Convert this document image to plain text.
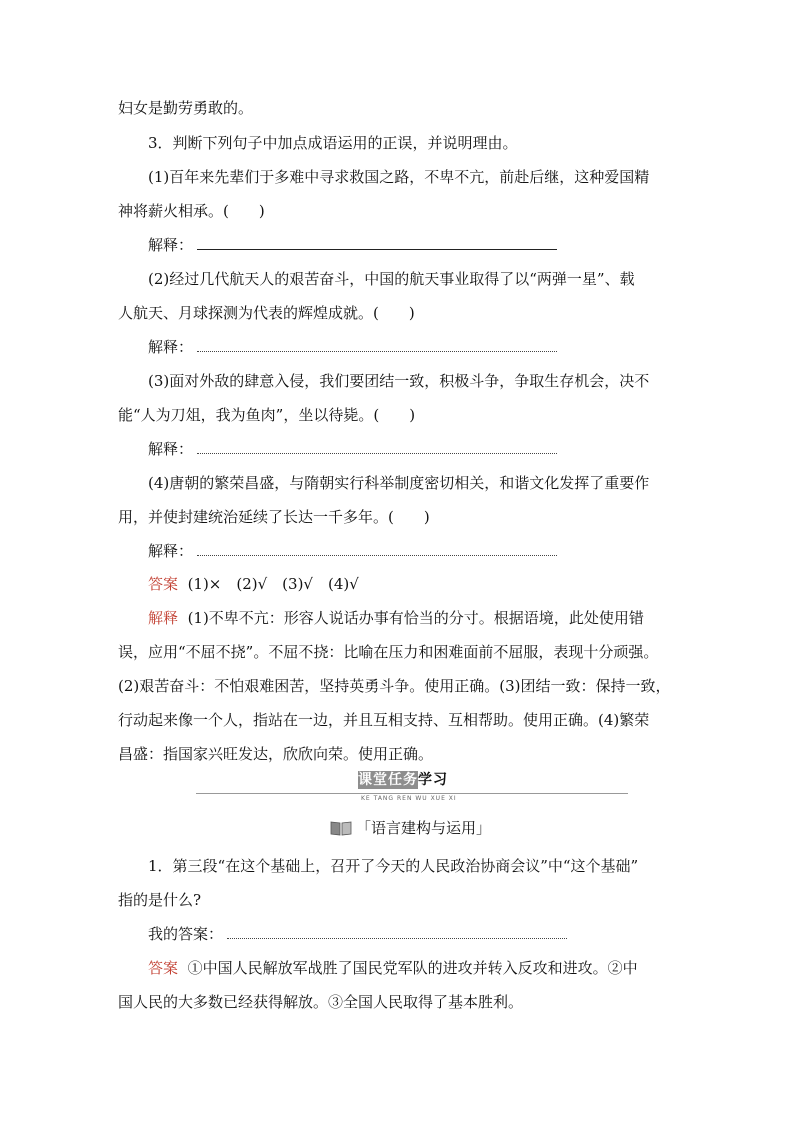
妇女是勤劳勇敢的。
3．判断下列句子中加点成语运用的正误，并说明理由。
(1)百年来先辈们于多难中寻求救国之路，不卑不亢，前赴后继，这种爱国精
神将薪火相承。(　　)
解释：
(2)经过几代航天人的艰苦奋斗，中国的航天事业取得了以“两弹一星”、载
人航天、月球探测为代表的辉煌成就。(　　)
解释：
(3)面对外敌的肆意入侵，我们要团结一致，积极斗争，争取生存机会，决不
能“人为刀俎，我为鱼肉”，坐以待毙。(　　)
解释：
(4)唐朝的繁荣昌盛，与隋朝实行科举制度密切相关，和谐文化发挥了重要作
用，并使封建统治延续了长达一千多年。(　　)
解释：
答案 (1)×　(2)√　(3)√　(4)√
解释 (1)不卑不亢：形容人说话办事有恰当的分寸。根据语境，此处使用错
误，应用“不屈不挠”。不屈不挠：比喻在压力和困难面前不屈服，表现十分顽强。
(2)艰苦奋斗：不怕艰难困苦，坚持英勇斗争。使用正确。(3)团结一致：保持一致，
行动起来像一个人，指站在一边，并且互相支持、互相帮助。使用正确。(4)繁荣
昌盛：指国家兴旺发达，欣欣向荣。使用正确。
课堂任务 学习
KE TANG REN WU XUE XI
「语言建构与运用」
1．第三段“在这个基础上，召开了今天的人民政治协商会议”中“这个基础”
指的是什么?
我的答案：
答案 ①中国人民解放军战胜了国民党军队的进攻并转入反攻和进攻。②中
国人民的大多数已经获得解放。③全国人民取得了基本胜利。
